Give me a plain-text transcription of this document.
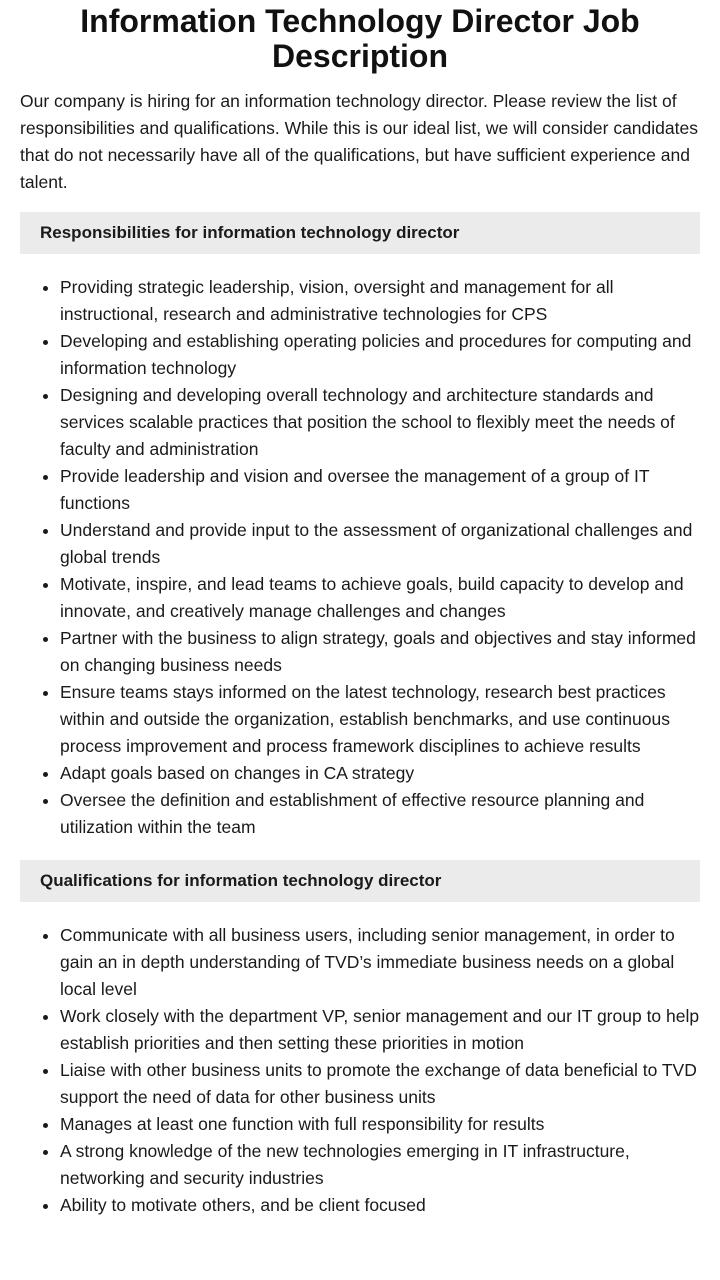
Information Technology Director Job Description

Our company is hiring for an information technology director. Please review the list of responsibilities and qualifications. While this is our ideal list, we will consider candidates that do not necessarily have all of the qualifications, but have sufficient experience and talent.

Responsibilities for information technology director
• Providing strategic leadership, vision, oversight and management for all instructional, research and administrative technologies for CPS
• Developing and establishing operating policies and procedures for computing and information technology
• Designing and developing overall technology and architecture standards and services scalable practices that position the school to flexibly meet the needs of faculty and administration
• Provide leadership and vision and oversee the management of a group of IT functions
• Understand and provide input to the assessment of organizational challenges and global trends
• Motivate, inspire, and lead teams to achieve goals, build capacity to develop and innovate, and creatively manage challenges and changes
• Partner with the business to align strategy, goals and objectives and stay informed on changing business needs
• Ensure teams stays informed on the latest technology, research best practices within and outside the organization, establish benchmarks, and use continuous process improvement and process framework disciplines to achieve results
• Adapt goals based on changes in CA strategy
• Oversee the definition and establishment of effective resource planning and utilization within the team
Qualifications for information technology director
• Communicate with all business users, including senior management, in order to gain an in depth understanding of TVD’s immediate business needs on a global local level
• Work closely with the department VP, senior management and our IT group to help establish priorities and then setting these priorities in motion
• Liaise with other business units to promote the exchange of data beneficial to TVD support the need of data for other business units
• Manages at least one function with full responsibility for results
• A strong knowledge of the new technologies emerging in IT infrastructure, networking and security industries
• Ability to motivate others, and be client focused
